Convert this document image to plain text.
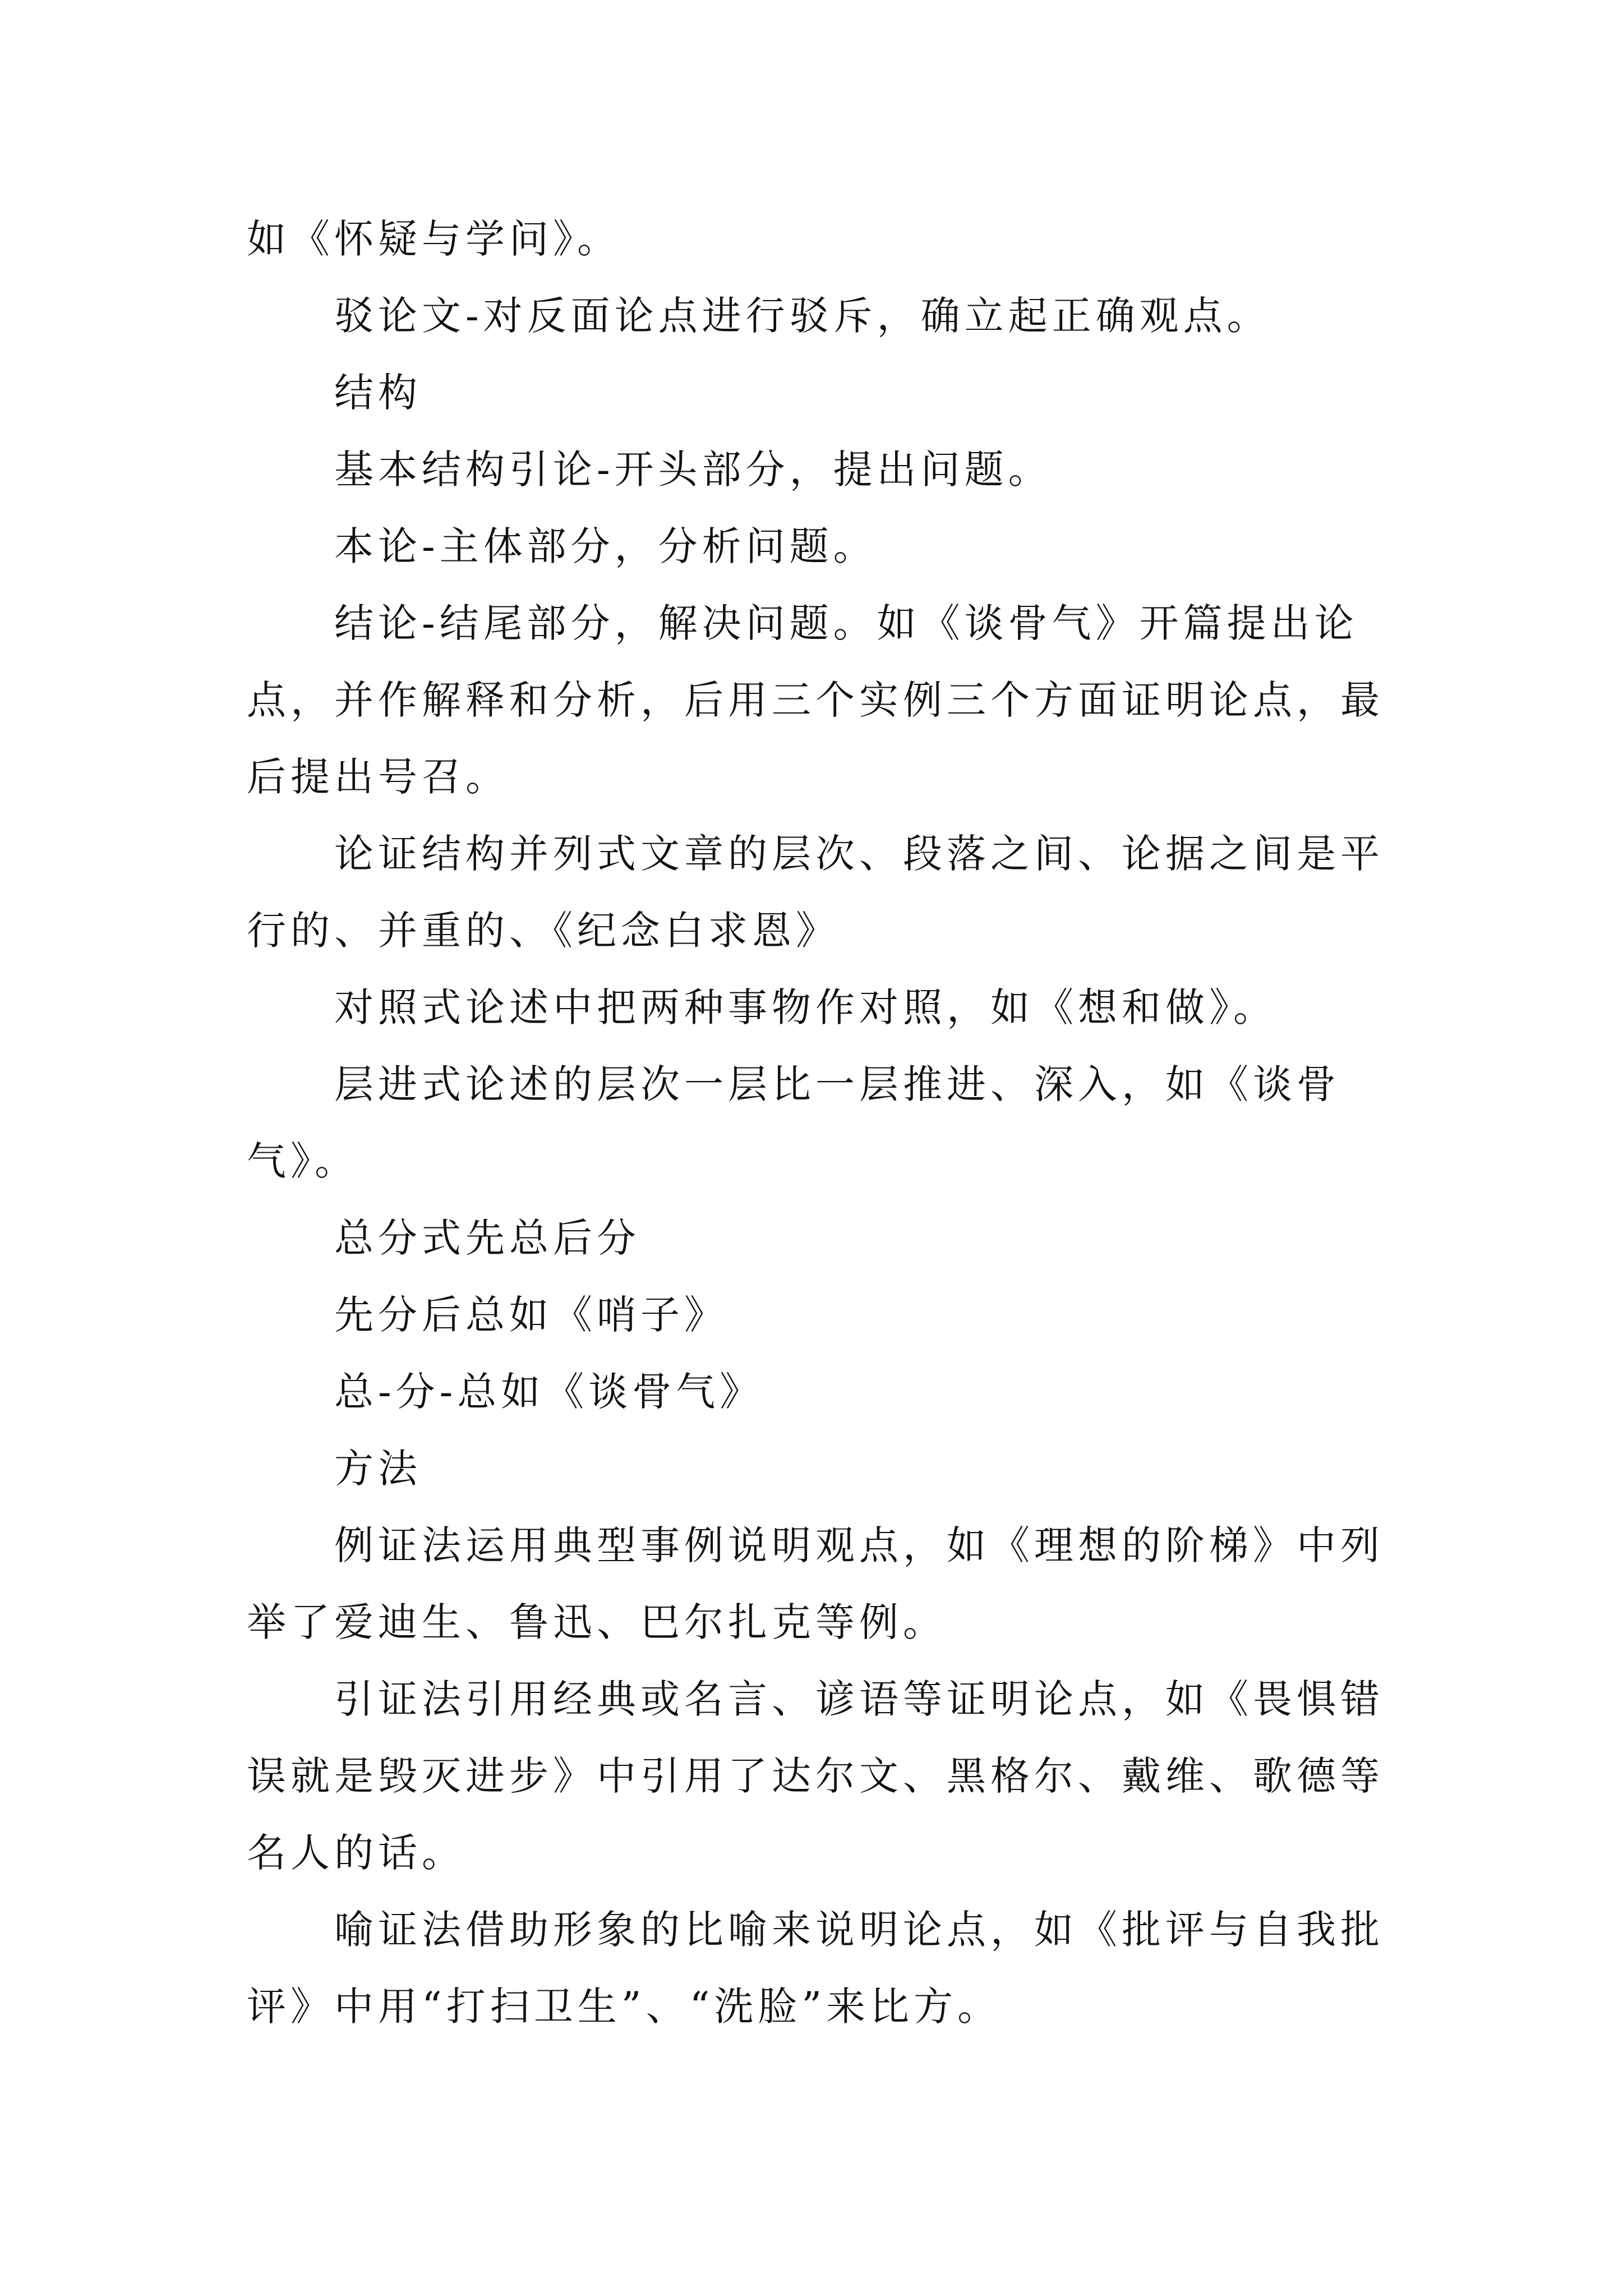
如《怀疑与学问》。

驳论文-对反面论点进行驳斥，确立起正确观点。

结构

基本结构引论-开头部分，提出问题。

本论-主体部分，分析问题。

结论-结尾部分，解决问题。如《谈骨气》开篇提出论点，并作解释和分析，后用三个实例三个方面证明论点，最后提出号召。

论证结构并列式文章的层次、段落之间、论据之间是平行的、并重的、《纪念白求恩》

对照式论述中把两种事物作对照，如《想和做》。

层进式论述的层次一层比一层推进、深入，如《谈骨气》。

总分式先总后分

先分后总如《哨子》

总-分-总如《谈骨气》

方法

例证法运用典型事例说明观点，如《理想的阶梯》中列举了爱迪生、鲁迅、巴尔扎克等例。

引证法引用经典或名言、谚语等证明论点，如《畏惧错误就是毁灭进步》中引用了达尔文、黑格尔、戴维、歌德等名人的话。

喻证法借助形象的比喻来说明论点，如《批评与自我批评》中用“打扫卫生”、“洗脸”来比方。
